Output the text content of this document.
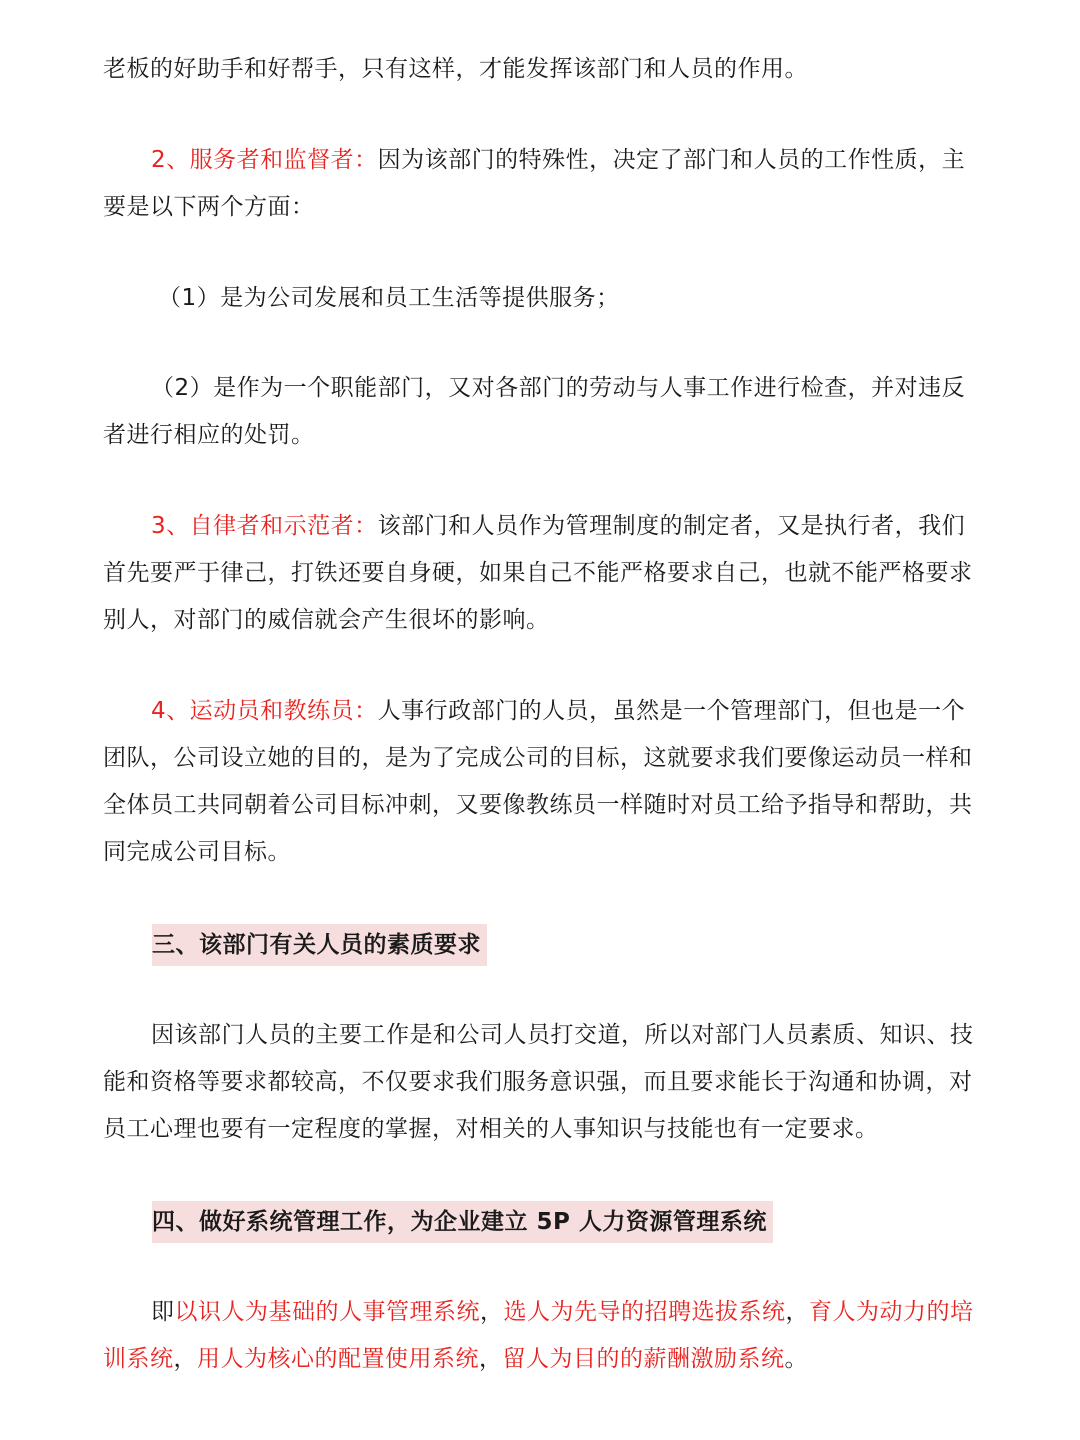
老板的好助手和好帮手，只有这样，才能发挥该部门和人员的作用。
2、服务者和监督者：因为该部门的特殊性，决定了部门和人员的工作性质，主要是以下两个方面：
（1）是为公司发展和员工生活等提供服务；
（2）是作为一个职能部门，又对各部门的劳动与人事工作进行检查，并对违反者进行相应的处罚。
3、自律者和示范者：该部门和人员作为管理制度的制定者，又是执行者，我们首先要严于律己，打铁还要自身硬，如果自己不能严格要求自己，也就不能严格要求别人，对部门的威信就会产生很坏的影响。
4、运动员和教练员：人事行政部门的人员，虽然是一个管理部门，但也是一个团队，公司设立她的目的，是为了完成公司的目标，这就要求我们要像运动员一样和全体员工共同朝着公司目标冲刺，又要像教练员一样随时对员工给予指导和帮助，共同完成公司目标。
三、该部门有关人员的素质要求
因该部门人员的主要工作是和公司人员打交道，所以对部门人员素质、知识、技能和资格等要求都较高，不仅要求我们服务意识强，而且要求能长于沟通和协调，对员工心理也要有一定程度的掌握，对相关的人事知识与技能也有一定要求。
四、做好系统管理工作，为企业建立 5P 人力资源管理系统
即以识人为基础的人事管理系统，选人为先导的招聘选拔系统，育人为动力的培训系统，用人为核心的配置使用系统，留人为目的的薪酬激励系统。
